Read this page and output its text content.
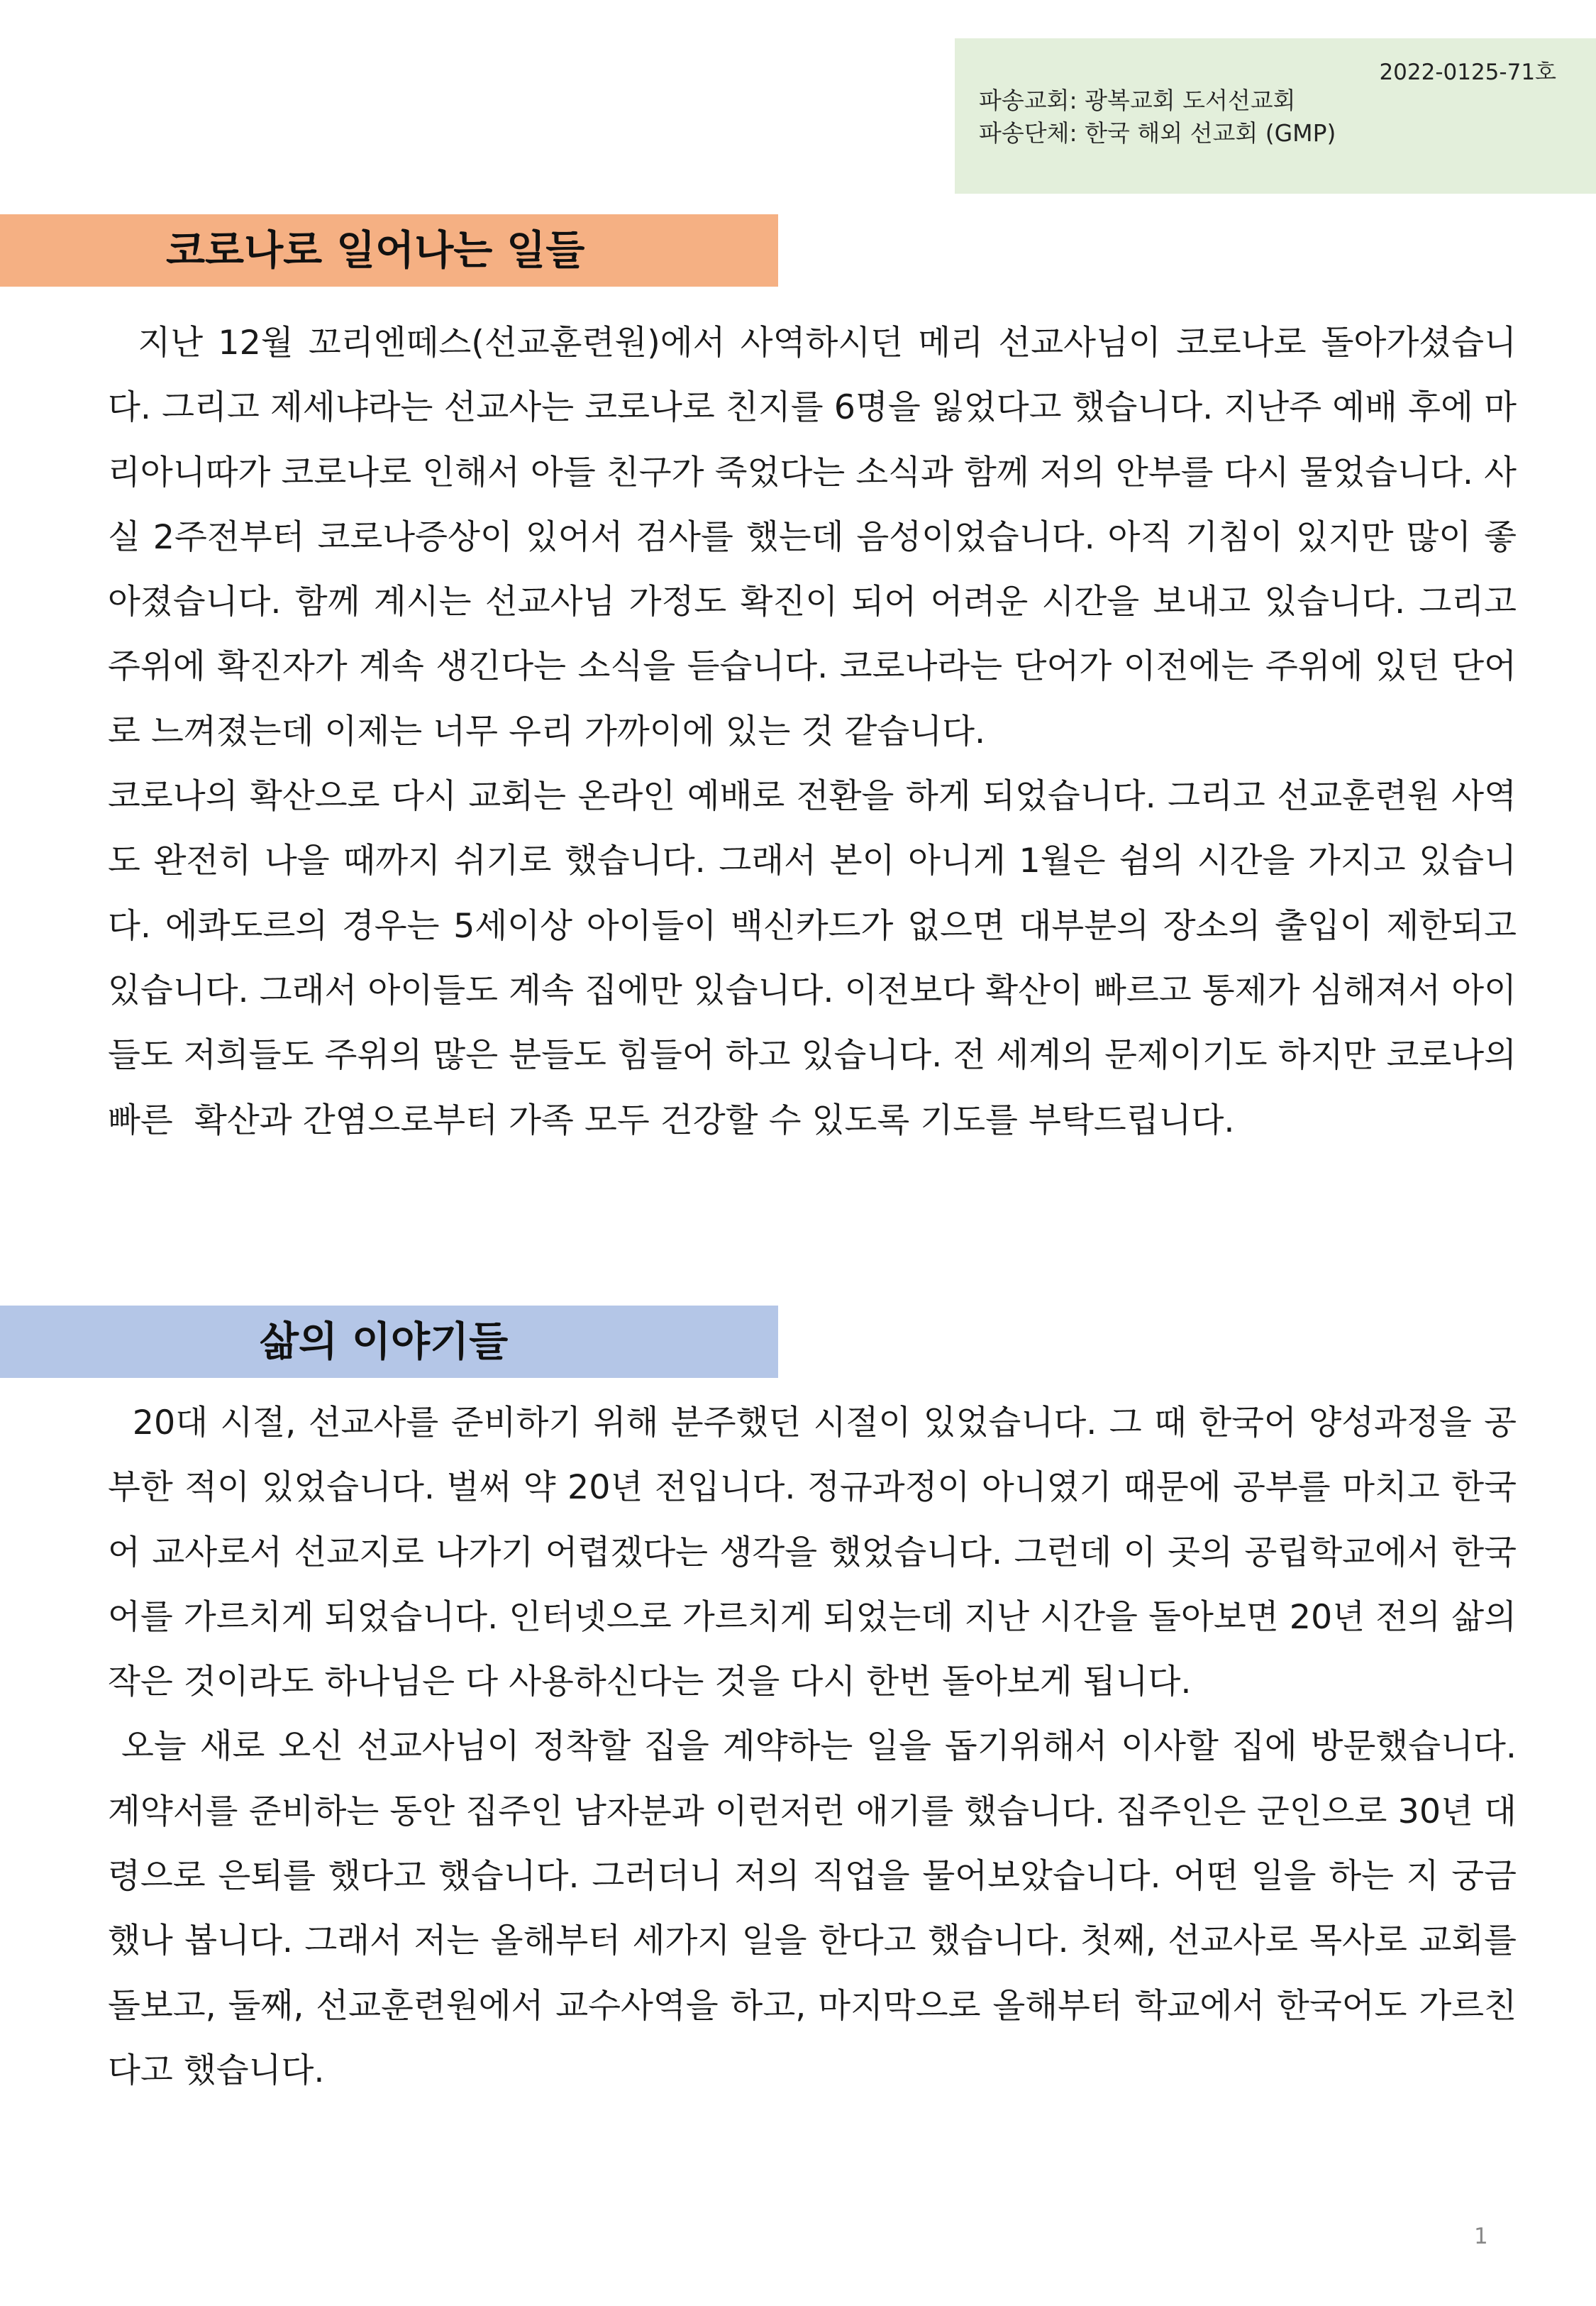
2022-0125-71호
파송교회: 광복교회 도서선교회
파송단체: 한국 해외 선교회 (GMP)
코로나로 일어나는 일들

지난 12월 꼬리엔떼스(선교훈련원)에서 사역하시던 메리 선교사님이 코로나로 돌아가셨습니다. 그리고 제세냐라는 선교사는 코로나로 친지를 6명을 잃었다고 했습니다. 지난주 예배 후에 마리아니따가 코로나로 인해서 아들 친구가 죽었다는 소식과 함께 저의 안부를 다시 물었습니다. 사실 2주전부터 코로나증상이 있어서 검사를 했는데 음성이었습니다. 아직 기침이 있지만 많이 좋아졌습니다. 함께 계시는 선교사님 가정도 확진이 되어 어려운 시간을 보내고 있습니다. 그리고 주위에 확진자가 계속 생긴다는 소식을 듣습니다. 코로나라는 단어가 이전에는 주위에 있던 단어로 느껴졌는데 이제는 너무 우리 가까이에 있는 것 같습니다.

코로나의 확산으로 다시 교회는 온라인 예배로 전환을 하게 되었습니다. 그리고 선교훈련원 사역도 완전히 나을 때까지 쉬기로 했습니다. 그래서 본이 아니게 1월은 쉼의 시간을 가지고 있습니다. 에콰도르의 경우는 5세이상 아이들이 백신카드가 없으면 대부분의 장소의 출입이 제한되고 있습니다. 그래서 아이들도 계속 집에만 있습니다. 이전보다 확산이 빠르고 통제가 심해져서 아이들도 저희들도 주위의 많은 분들도 힘들어 하고 있습니다. 전 세계의 문제이기도 하지만 코로나의 빠른  확산과 간염으로부터 가족 모두 건강할 수 있도록 기도를 부탁드립니다.

삶의 이야기들

20대 시절, 선교사를 준비하기 위해 분주했던 시절이 있었습니다. 그 때 한국어 양성과정을 공부한 적이 있었습니다. 벌써 약 20년 전입니다. 정규과정이 아니였기 때문에 공부를 마치고 한국어 교사로서 선교지로 나가기 어렵겠다는 생각을 했었습니다. 그런데 이 곳의 공립학교에서 한국어를 가르치게 되었습니다. 인터넷으로 가르치게 되었는데 지난 시간을 돌아보면 20년 전의 삶의 작은 것이라도 하나님은 다 사용하신다는 것을 다시 한번 돌아보게 됩니다.

오늘 새로 오신 선교사님이 정착할 집을 계약하는 일을 돕기위해서 이사할 집에 방문했습니다. 계약서를 준비하는 동안 집주인 남자분과 이런저런 애기를 했습니다. 집주인은 군인으로 30년 대령으로 은퇴를 했다고 했습니다. 그러더니 저의 직업을 물어보았습니다. 어떤 일을 하는 지 궁금했나 봅니다. 그래서 저는 올해부터 세가지 일을 한다고 했습니다. 첫째, 선교사로 목사로 교회를 돌보고, 둘째, 선교훈련원에서 교수사역을 하고, 마지막으로 올해부터 학교에서 한국어도 가르친다고 했습니다.

1
